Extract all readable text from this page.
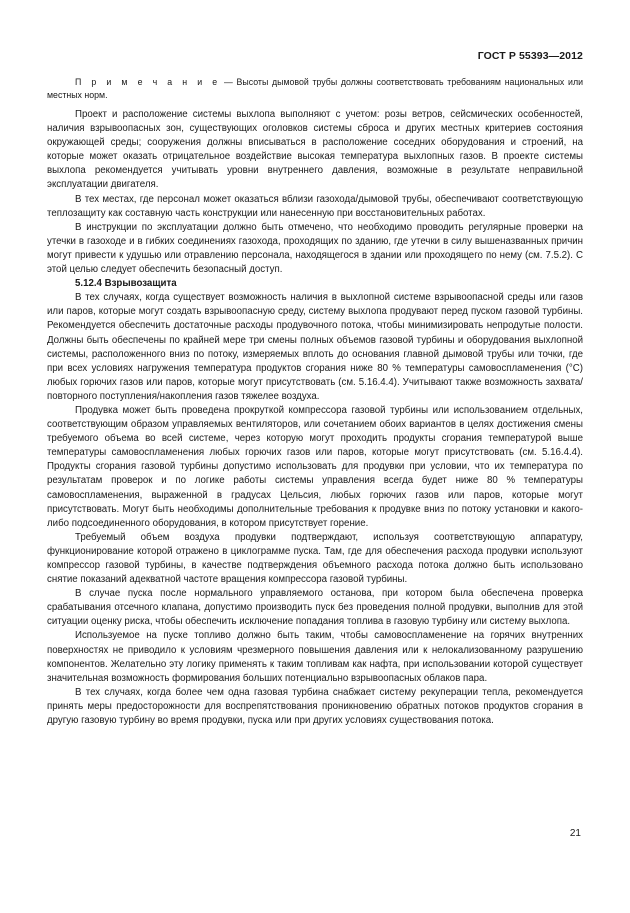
ГОСТ Р 55393—2012

П р и м е ч а н и е — Высоты дымовой трубы должны соответствовать требованиям национальных или местных норм.

Проект и расположение системы выхлопа выполняют с учетом: розы ветров, сейсмических особенностей, наличия взрывоопасных зон, существующих оголовков системы сброса и других местных критериев состояния окружающей среды; сооружения должны вписываться в расположение соседних оборудования и строений, на которые может оказать отрицательное воздействие высокая температура выхлопных газов. В проекте системы выхлопа рекомендуется учитывать уровни внутреннего давления, возможные в результате неправильной эксплуатации двигателя.

В тех местах, где персонал может оказаться вблизи газохода/дымовой трубы, обеспечивают соответствующую теплозащиту как составную часть конструкции или нанесенную при восстановительных работах.

В инструкции по эксплуатации должно быть отмечено, что необходимо проводить регулярные проверки на утечки в газоходе и в гибких соединениях газохода, проходящих по зданию, где утечки в силу вышеназванных причин могут привести к удушью или отравлению персонала, находящегося в здании или проходящего по нему (см. 7.5.2). С этой целью следует обеспечить безопасный доступ.

5.12.4 Взрывозащита

В тех случаях, когда существует возможность наличия в выхлопной системе взрывоопасной среды или газов или паров, которые могут создать взрывоопасную среду, систему выхлопа продувают перед пуском газовой турбины. Рекомендуется обеспечить достаточные расходы продувочного потока, чтобы минимизировать непродутые полости. Должны быть обеспечены по крайней мере три смены полных объемов газовой турбины и оборудования выхлопной системы, расположенного вниз по потоку, измеряемых вплоть до основания главной дымовой трубы или точки, где при всех условиях нагружения температура продуктов сгорания ниже 80 % температуры самовоспламенения (°С) любых горючих газов или паров, которые могут присутствовать (см. 5.16.4.4). Учитывают также возможность захвата/повторного поступления/накопления газов тяжелее воздуха.

Продувка может быть проведена прокруткой компрессора газовой турбины или использованием отдельных, соответствующим образом управляемых вентиляторов, или сочетанием обоих вариантов в целях достижения смены требуемого объема во всей системе, через которую могут проходить продукты сгорания температурой выше температуры самовоспламенения любых горючих газов или паров, которые могут присутствовать (см. 5.16.4.4). Продукты сгорания газовой турбины допустимо использовать для продувки при условии, что их температура по результатам проверок и по логике работы системы управления всегда будет ниже 80 % температуры самовоспламенения, выраженной в градусах Цельсия, любых горючих газов или паров, которые могут присутствовать. Могут быть необходимы дополнительные требования к продувке вниз по потоку установки и какого-либо подсоединенного оборудования, в котором присутствует горение.

Требуемый объем воздуха продувки подтверждают, используя соответствующую аппаратуру, функционирование которой отражено в циклограмме пуска. Там, где для обеспечения расхода продувки используют компрессор газовой турбины, в качестве подтверждения объемного расхода потока должно быть использовано снятие показаний адекватной частоте вращения компрессора газовой турбины.

В случае пуска после нормального управляемого останова, при котором была обеспечена проверка срабатывания отсечного клапана, допустимо производить пуск без проведения полной продувки, выполнив для этой ситуации оценку риска, чтобы обеспечить исключение попадания топлива в газовую турбину или систему выхлопа.

Используемое на пуске топливо должно быть таким, чтобы самовоспламенение на горячих внутренних поверхностях не приводило к условиям чрезмерного повышения давления или к нелокализованному разрушению компонентов. Желательно эту логику применять к таким топливам как нафта, при использовании которой существует значительная возможность формирования больших потенциально взрывоопасных облаков пара.

В тех случаях, когда более чем одна газовая турбина снабжает систему рекуперации тепла, рекомендуется принять меры предосторожности для воспрепятствования проникновению обратных потоков продуктов сгорания в другую газовую турбину во время продувки, пуска или при других условиях существования потока.

21
